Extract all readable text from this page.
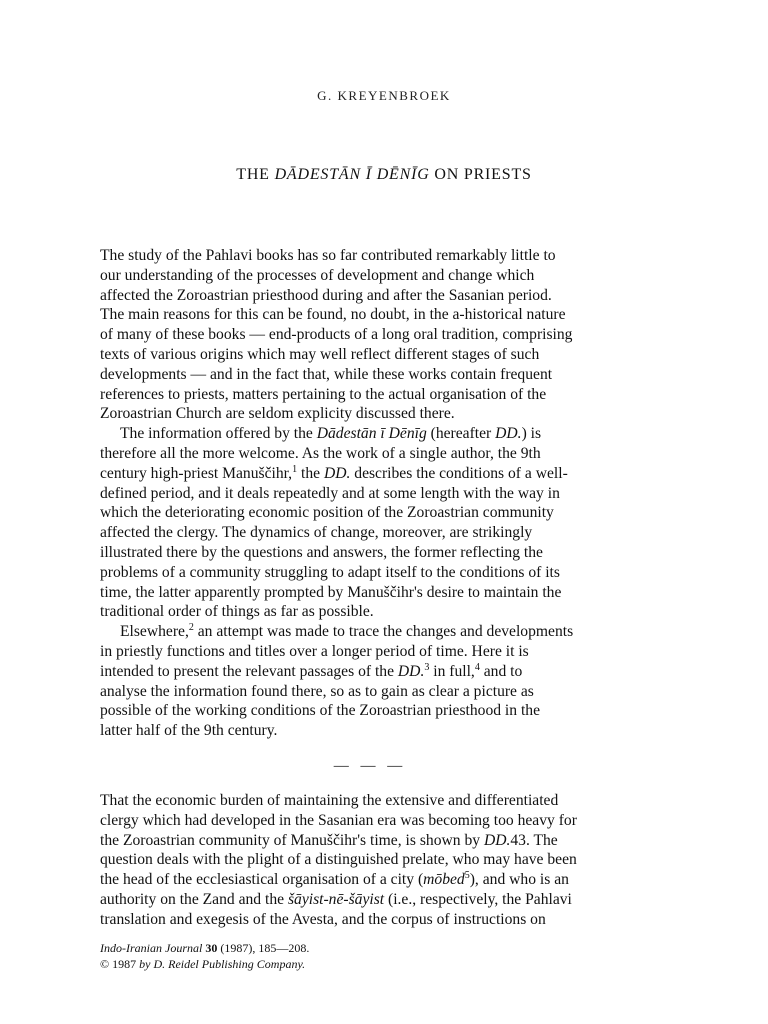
G. KREYENBROEK
THE DĀDESTĀN Ī DĒNĪG ON PRIESTS

The study of the Pahlavi books has so far contributed remarkably little to

our understanding of the processes of development and change which

affected the Zoroastrian priesthood during and after the Sasanian period.

The main reasons for this can be found, no doubt, in the a-historical nature

of many of these books — end-products of a long oral tradition, comprising

texts of various origins which may well reflect different stages of such

developments — and in the fact that, while these works contain frequent

references to priests, matters pertaining to the actual organisation of the

Zoroastrian Church are seldom explicity discussed there.

The information offered by the Dādestān ī Dēnīg (hereafter DD.) is

therefore all the more welcome. As the work of a single author, the 9th

century high-priest Manuščihr,$^1$ the DD. describes the conditions of a well-

defined period, and it deals repeatedly and at some length with the way in

which the deteriorating economic position of the Zoroastrian community

affected the clergy. The dynamics of change, moreover, are strikingly

illustrated there by the questions and answers, the former reflecting the

problems of a community struggling to adapt itself to the conditions of its

time, the latter apparently prompted by Manuščihr's desire to maintain the

traditional order of things as far as possible.

Elsewhere,$^2$ an attempt was made to trace the changes and developments

in priestly functions and titles over a longer period of time. Here it is

intended to present the relevant passages of the DD.$^3$ in full,$^4$ and to

analyse the information found there, so as to gain as clear a picture as

possible of the working conditions of the Zoroastrian priesthood in the

latter half of the 9th century.

— — —

That the economic burden of maintaining the extensive and differentiated

clergy which had developed in the Sasanian era was becoming too heavy for

the Zoroastrian community of Manuščihr's time, is shown by DD.43. The

question deals with the plight of a distinguished prelate, who may have been

the head of the ecclesiastical organisation of a city (mōbed$^5$), and who is an

authority on the Zand and the šāyist-nē-šāyist (i.e., respectively, the Pahlavi

translation and exegesis of the Avesta, and the corpus of instructions on

Indo-Iranian Journal 30 (1987), 185—208.

© 1987 by D. Reidel Publishing Company.
